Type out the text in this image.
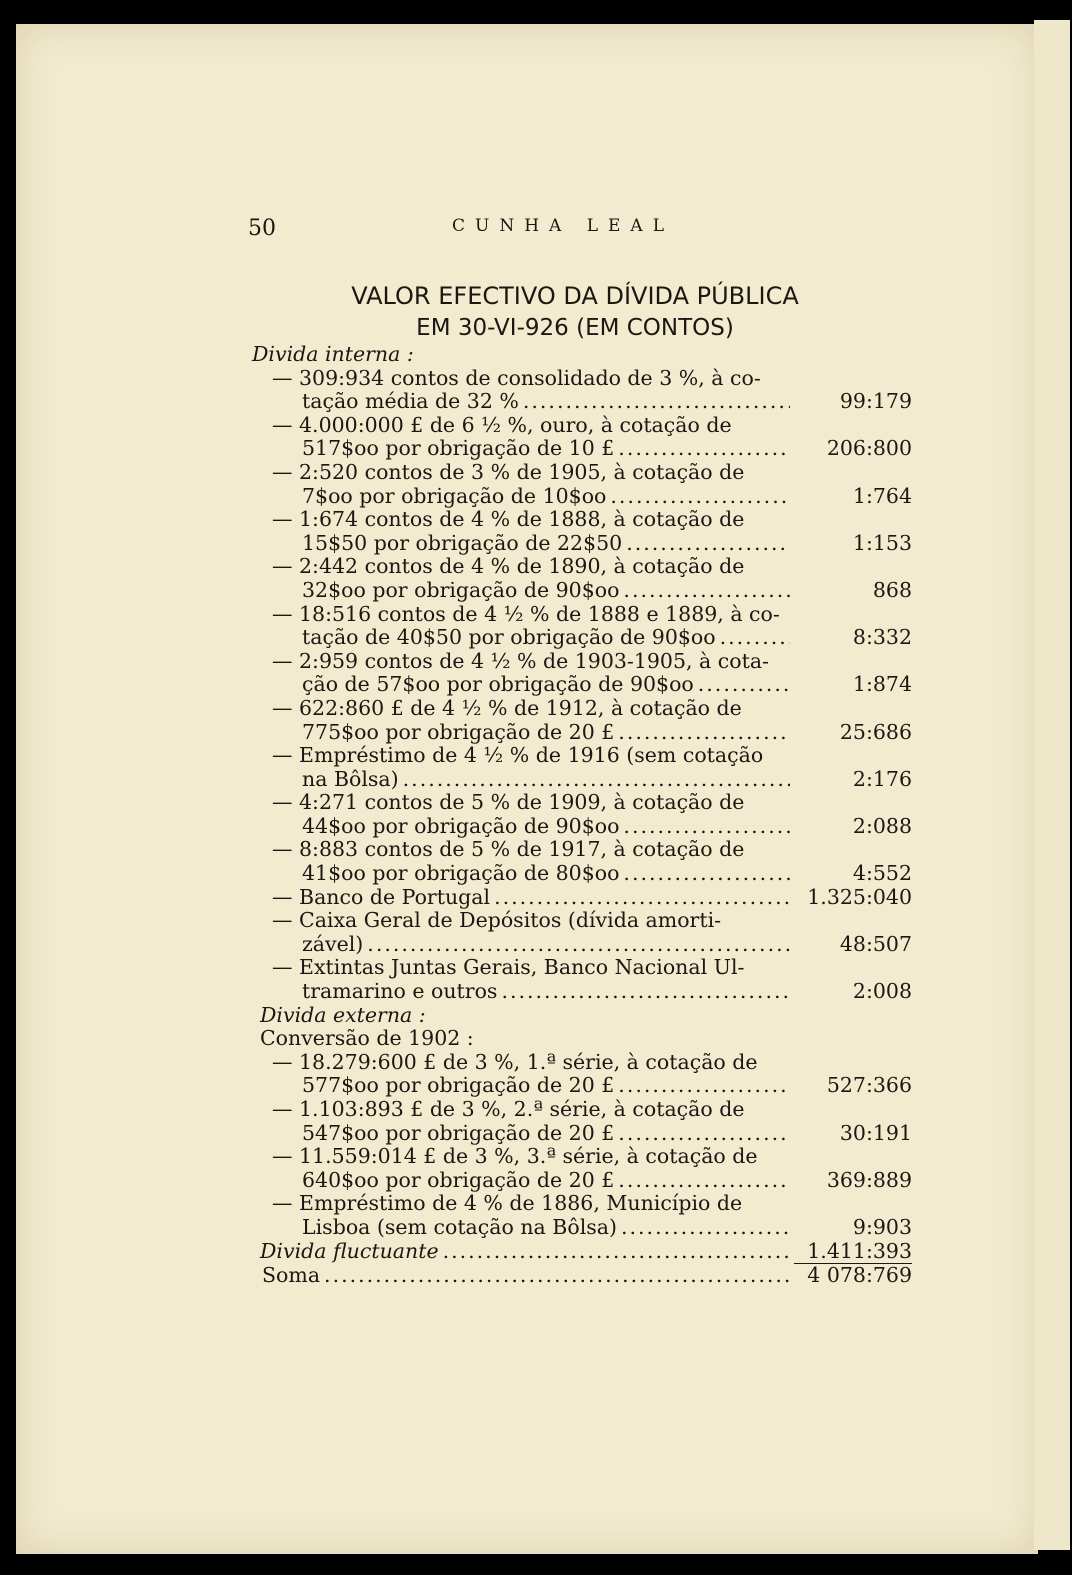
50	CUNHA LEAL
VALOR EFECTIVO DA DÍVIDA PÚBLICA
EM 30-VI-926 (EM CONTOS)
Divida interna :
— 309:934 contos de consolidado de 3 %, à co-
tação média de 32 % .....	99:179
— 4.000:000 £ de 6 ½ %, ouro, à cotação de
517$oo por obrigação de 10 £ .....	206:800
— 2:520 contos de 3 % de 1905, à cotação de
7$oo por obrigação de 10$oo .....	1:764
— 1:674 contos de 4 % de 1888, à cotação de
15$50 por obrigação de 22$50 .....	1:153
— 2:442 contos de 4 % de 1890, à cotação de
32$oo por obrigação de 90$oo .....	868
— 18:516 contos de 4 ½ % de 1888 e 1889, à co-
tação de 40$50 por obrigação de 90$oo .....	8:332
— 2:959 contos de 4 ½ % de 1903-1905, à cota-
ção de 57$oo por obrigação de 90$oo .....	1:874
— 622:860 £ de 4 ½ % de 1912, à cotação de
775$oo por obrigação de 20 £ .....	25:686
— Empréstimo de 4 ½ % de 1916 (sem cotação
na Bôlsa) .....	2:176
— 4:271 contos de 5 % de 1909, à cotação de
44$oo por obrigação de 90$oo .....	2:088
— 8:883 contos de 5 % de 1917, à cotação de
41$oo por obrigação de 80$oo .....	4:552
— Banco de Portugal .....	1.325:040
— Caixa Geral de Depósitos (dívida amorti-
zável) .....	48:507
— Extintas Juntas Gerais, Banco Nacional Ul-
tramarino e outros .....	2:008
Divida externa :
Conversão de 1902 :
— 18.279:600 £ de 3 %, 1.ª série, à cotação de
577$oo por obrigação de 20 £ .....	527:366
— 1.103:893 £ de 3 %, 2.ª série, à cotação de
547$oo por obrigação de 20 £ .....	30:191
— 11.559:014 £ de 3 %, 3.ª série, à cotação de
640$oo por obrigação de 20 £ .....	369:889
— Empréstimo de 4 % de 1886, Município de
Lisboa (sem cotação na Bôlsa) .....	9:903
Divida fluctuante .....	1.411:393
Soma .....	4 078:769
